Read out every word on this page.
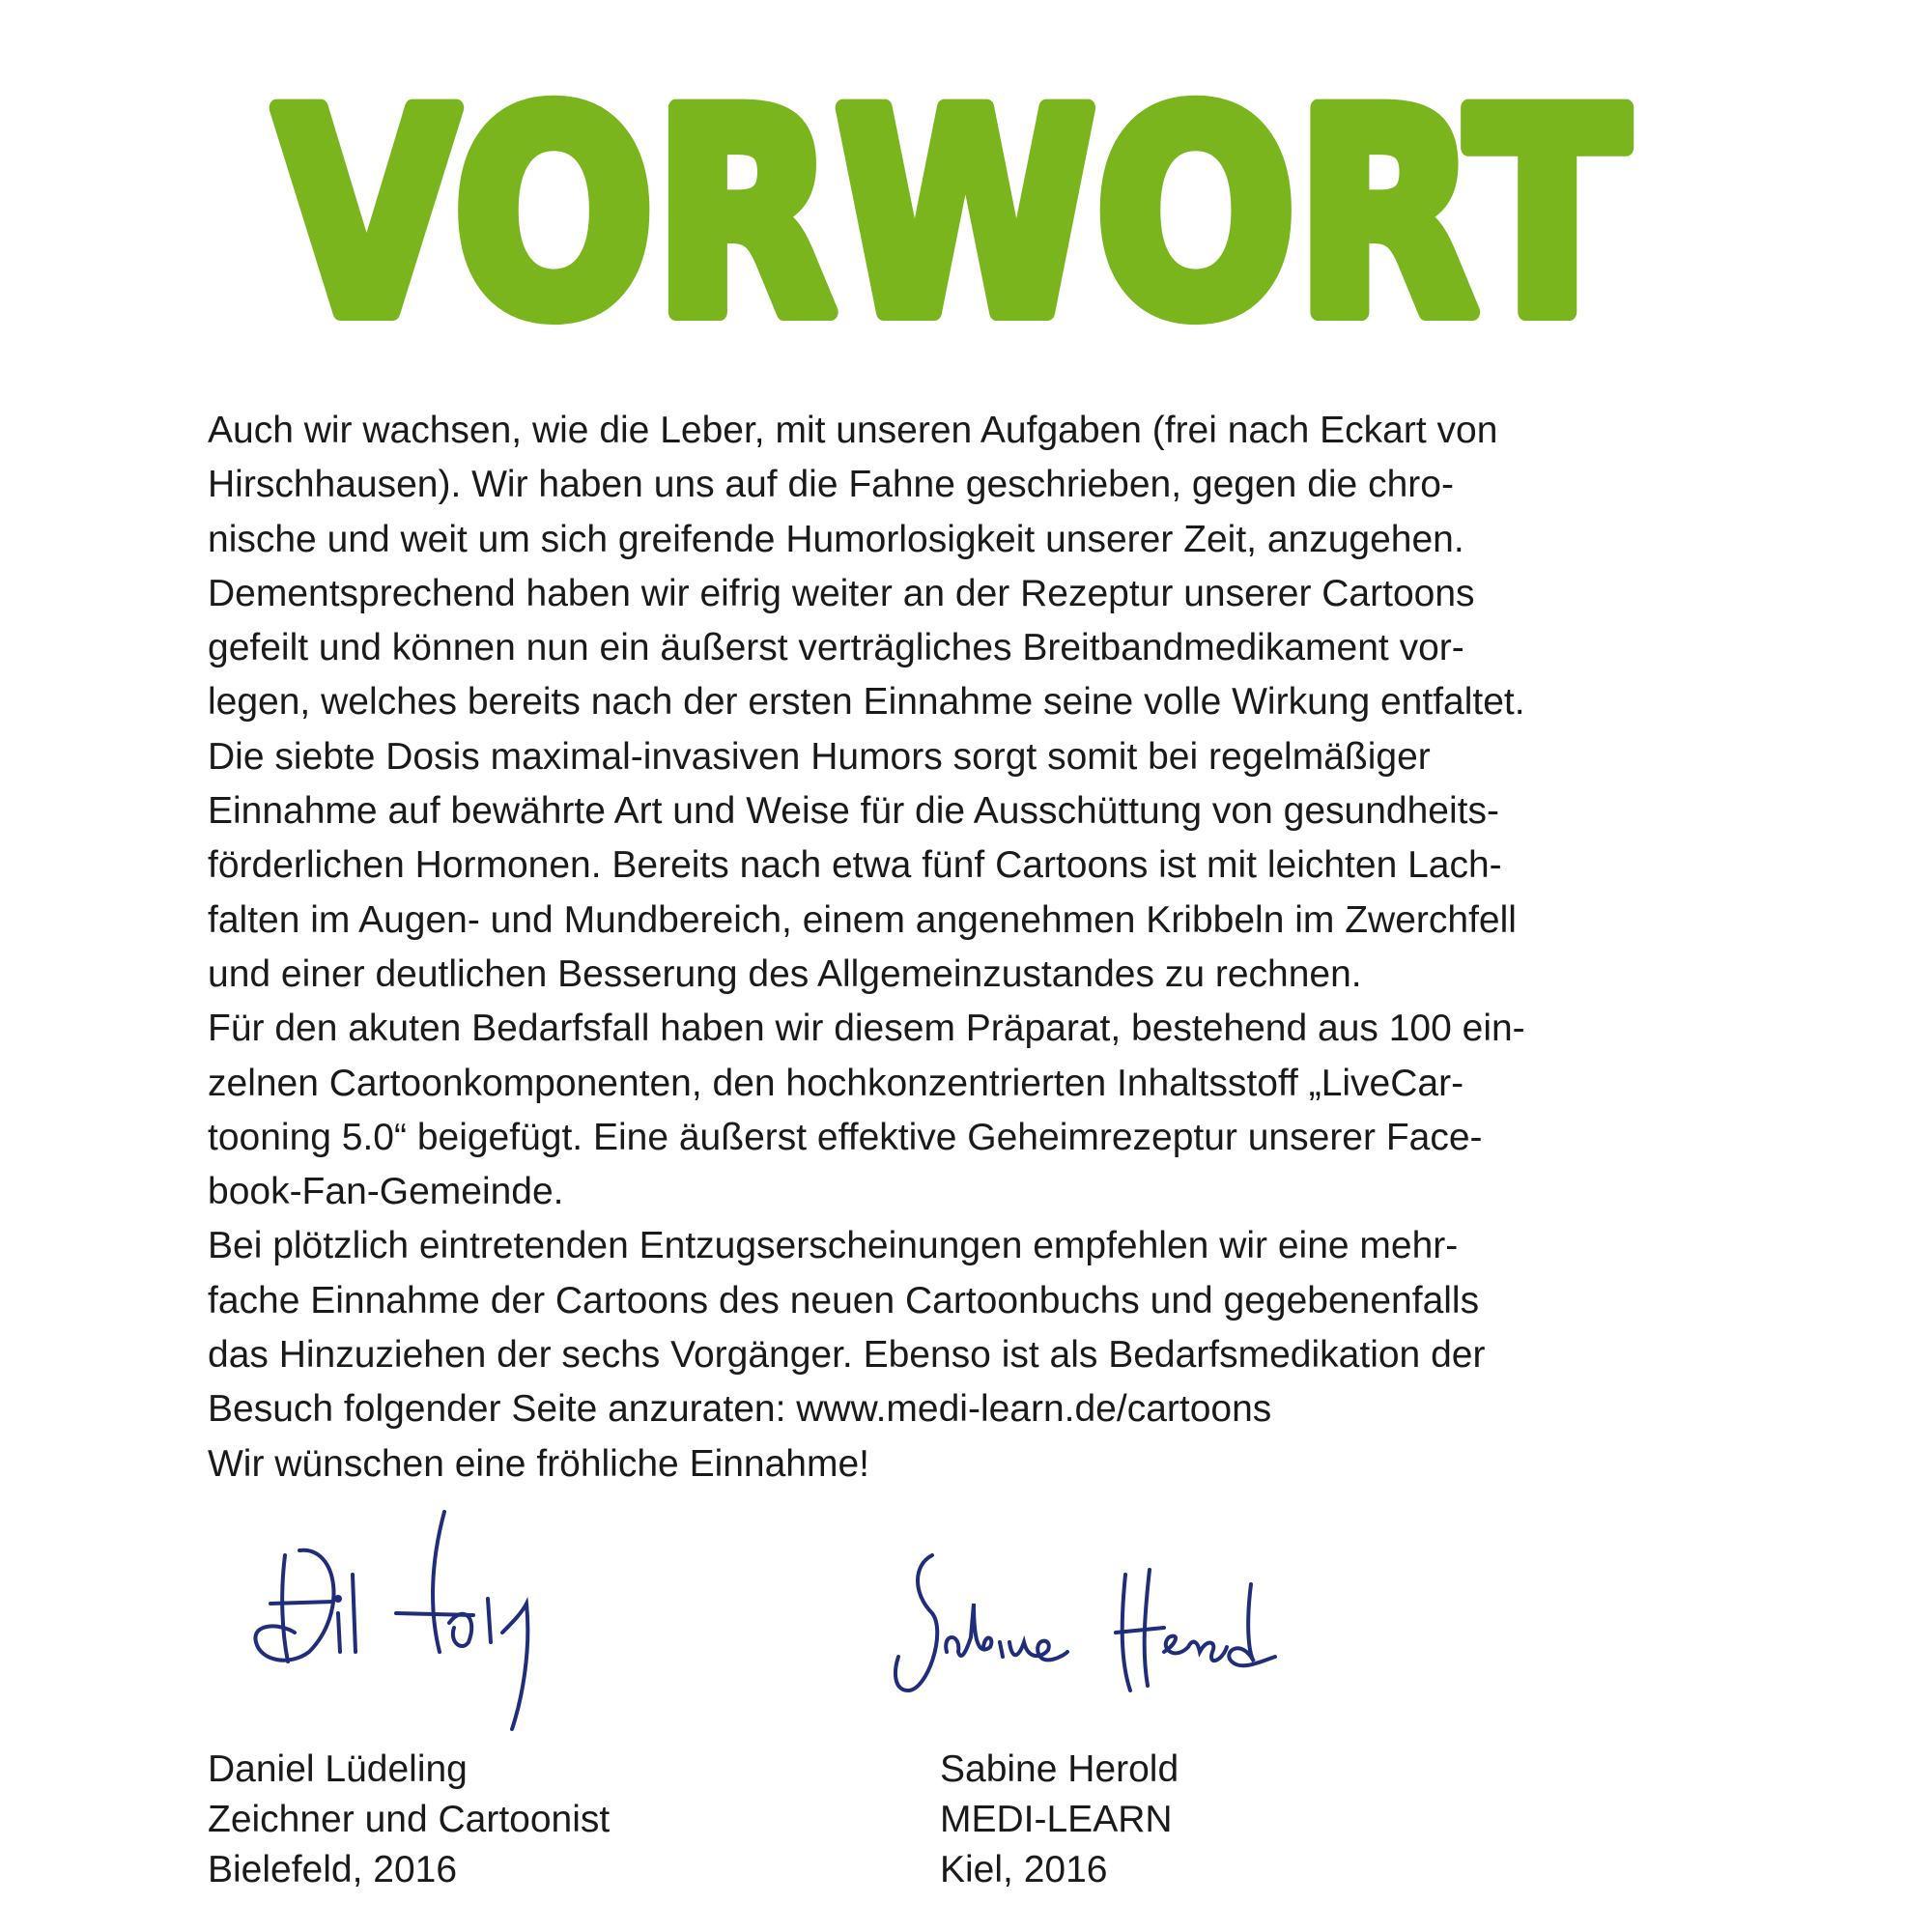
VORWORT
Auch wir wachsen, wie die Leber, mit unseren Aufgaben (frei nach Eckart von
Hirschhausen). Wir haben uns auf die Fahne geschrieben, gegen die chro-
nische und weit um sich greifende Humorlosigkeit unserer Zeit, anzugehen.
Dementsprechend haben wir eifrig weiter an der Rezeptur unserer Cartoons
gefeilt und können nun ein äußerst verträgliches Breitbandmedikament vor-
legen, welches bereits nach der ersten Einnahme seine volle Wirkung entfaltet.
Die siebte Dosis maximal-invasiven Humors sorgt somit bei regelmäßiger
Einnahme auf bewährte Art und Weise für die Ausschüttung von gesundheits-
förderlichen Hormonen. Bereits nach etwa fünf Cartoons ist mit leichten Lach-
falten im Augen- und Mundbereich, einem angenehmen Kribbeln im Zwerchfell
und einer deutlichen Besserung des Allgemeinzustandes zu rechnen.
Für den akuten Bedarfsfall haben wir diesem Präparat, bestehend aus 100 ein-
zelnen Cartoonkomponenten, den hochkonzentrierten Inhaltsstoff „LiveCar-
tooning 5.0“ beigefügt. Eine äußerst effektive Geheimrezeptur unserer Face-
book-Fan-Gemeinde.
Bei plötzlich eintretenden Entzugserscheinungen empfehlen wir eine mehr-
fache Einnahme der Cartoons des neuen Cartoonbuchs und gegebenenfalls
das Hinzuziehen der sechs Vorgänger. Ebenso ist als Bedarfsmedikation der
Besuch folgender Seite anzuraten: www.medi-learn.de/cartoons
Wir wünschen eine fröhliche Einnahme!
Daniel Lüdeling
Zeichner und Cartoonist
Bielefeld, 2016
Sabine Herold
MEDI-LEARN
Kiel, 2016
